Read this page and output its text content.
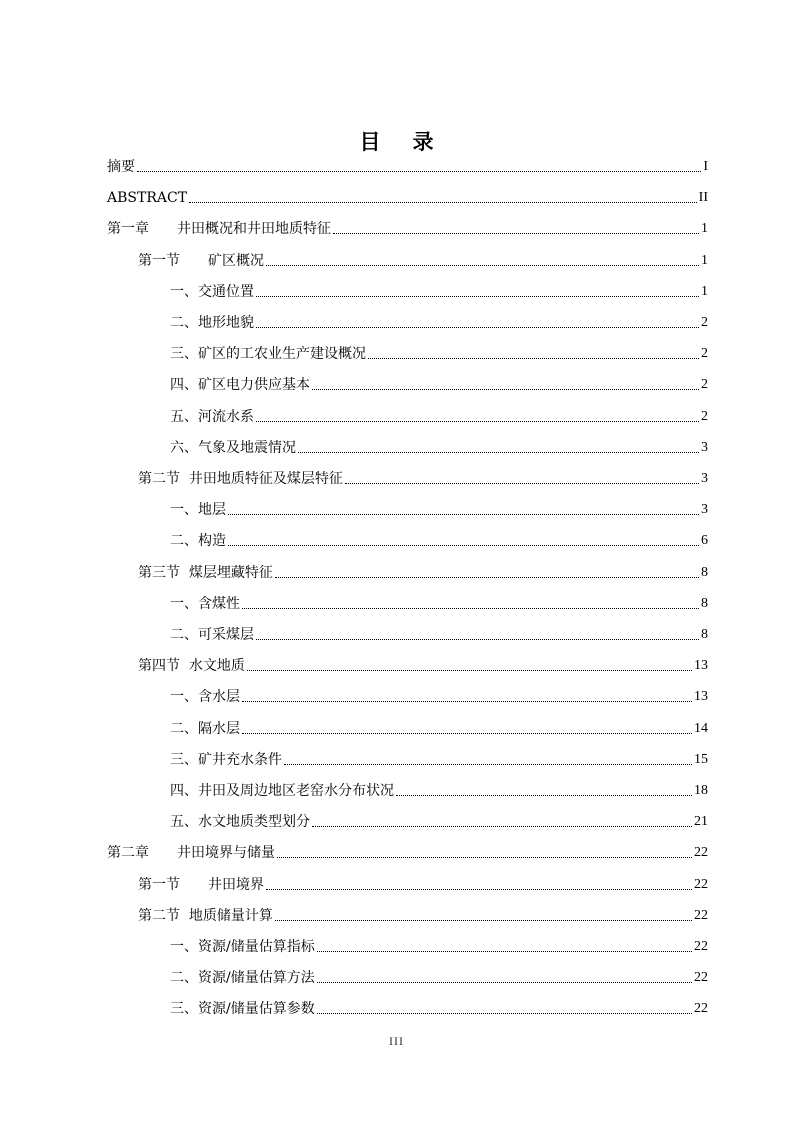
目 录
摘要	I
ABSTRACT	II
第一章　　井田概况和井田地质特征	1
第一节　　矿区概况	1
一、交通位置	1
二、地形地貌	2
三、矿区的工农业生产建设概况	2
四、矿区电力供应基本	2
五、河流水系	2
六、气象及地震情况	3
第二节  井田地质特征及煤层特征	3
一、地层	3
二、构造	6
第三节  煤层埋藏特征	8
一、含煤性	8
二、可采煤层	8
第四节  水文地质	13
一、含水层	13
二、隔水层	14
三、矿井充水条件	15
四、井田及周边地区老窑水分布状况	18
五、水文地质类型划分	21
第二章　　井田境界与储量	22
第一节　　井田境界	22
第二节  地质储量计算	22
一、资源/储量估算指标	22
二、资源/储量估算方法	22
三、资源/储量估算参数	22
III
